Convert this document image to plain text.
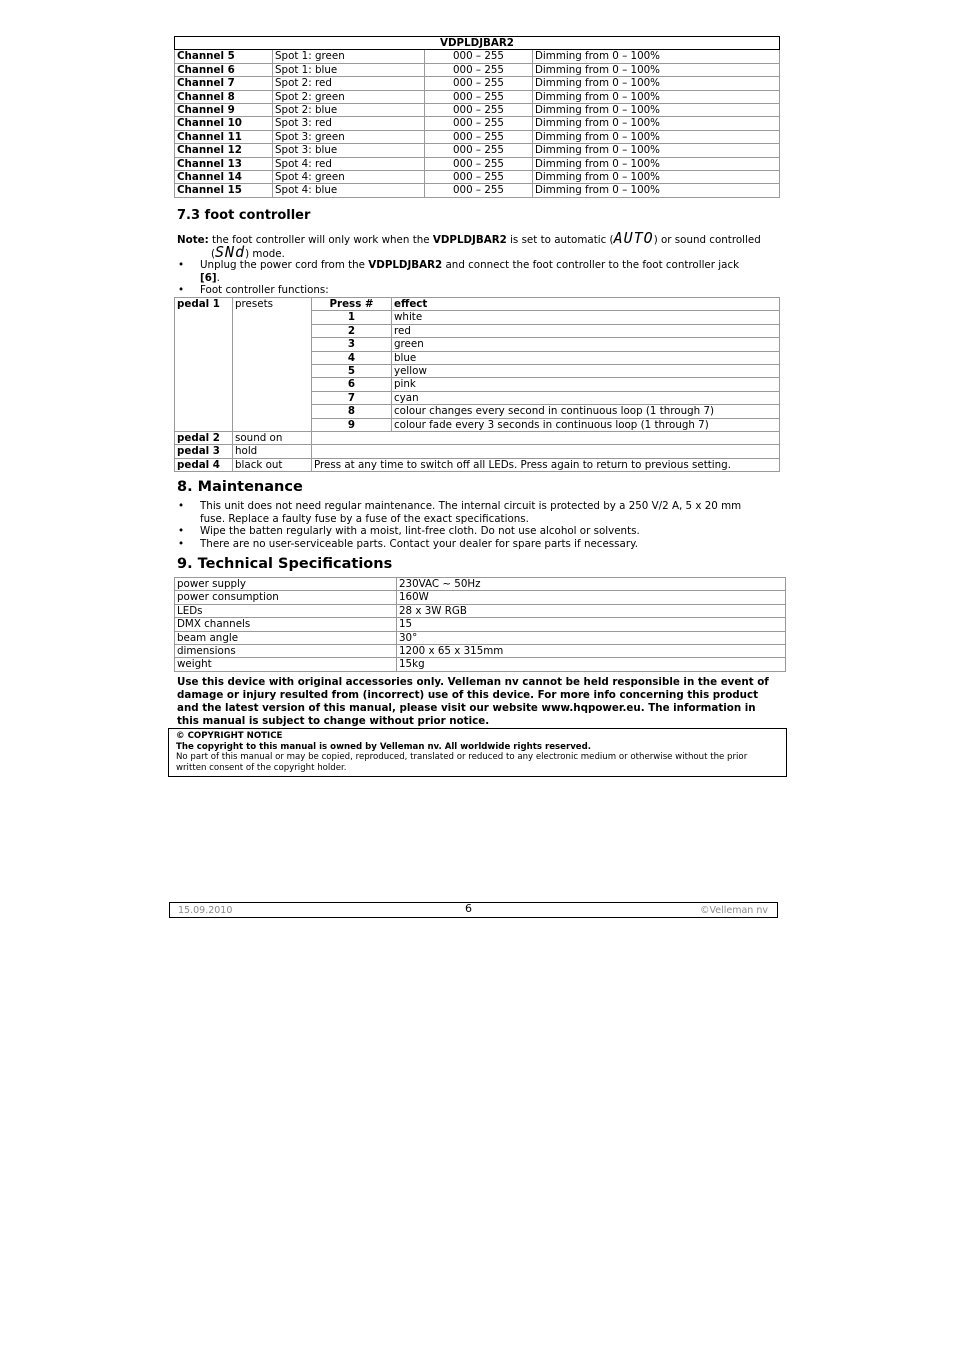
VDPLDJBAR2			
Channel 5	Spot 1: green	000 – 255	Dimming from 0 – 100%
Channel 6	Spot 1: blue	000 – 255	Dimming from 0 – 100%
Channel 7	Spot 2: red	000 – 255	Dimming from 0 – 100%
Channel 8	Spot 2: green	000 – 255	Dimming from 0 – 100%
Channel 9	Spot 2: blue	000 – 255	Dimming from 0 – 100%
Channel 10	Spot 3: red	000 – 255	Dimming from 0 – 100%
Channel 11	Spot 3: green	000 – 255	Dimming from 0 – 100%
Channel 12	Spot 3: blue	000 – 255	Dimming from 0 – 100%
Channel 13	Spot 4: red	000 – 255	Dimming from 0 – 100%
Channel 14	Spot 4: green	000 – 255	Dimming from 0 – 100%
Channel 15	Spot 4: blue	000 – 255	Dimming from 0 – 100%
7.3 foot controller
Note: the foot controller will only work when the VDPLDJBAR2 is set to automatic (AUTO) or sound controlled
(SNd) mode.
• Unplug the power cord from the VDPLDJBAR2 and connect the foot controller to the foot controller jack
[6].
• Foot controller functions:
pedal 1	presets	Press #	effect
		1	white
		2	red
		3	green
		4	blue
		5	yellow
		6	pink
		7	cyan
		8	colour changes every second in continuous loop (1 through 7)
		9	colour fade every 3 seconds in continuous loop (1 through 7)
pedal 2	sound on		
pedal 3	hold		
pedal 4	black out	Press at any time to switch off all LEDs. Press again to return to previous setting.	
8. Maintenance
• This unit does not need regular maintenance. The internal circuit is protected by a 250 V/2 A, 5 x 20 mm
fuse. Replace a faulty fuse by a fuse of the exact specifications.
• Wipe the batten regularly with a moist, lint-free cloth. Do not use alcohol or solvents.
• There are no user-serviceable parts. Contact your dealer for spare parts if necessary.
9. Technical Specifications
power supply	230VAC ~ 50Hz
power consumption	160W
LEDs	28 x 3W RGB
DMX channels	15
beam angle	30°
dimensions	1200 x 65 x 315mm
weight	15kg
Use this device with original accessories only. Velleman nv cannot be held responsible in the event of
damage or injury resulted from (incorrect) use of this device. For more info concerning this product
and the latest version of this manual, please visit our website www.hqpower.eu. The information in
this manual is subject to change without prior notice.
© COPYRIGHT NOTICE
The copyright to this manual is owned by Velleman nv. All worldwide rights reserved.
No part of this manual or may be copied, reproduced, translated or reduced to any electronic medium or otherwise without the prior
written consent of the copyright holder.
15.09.2010	6	©Velleman nv
